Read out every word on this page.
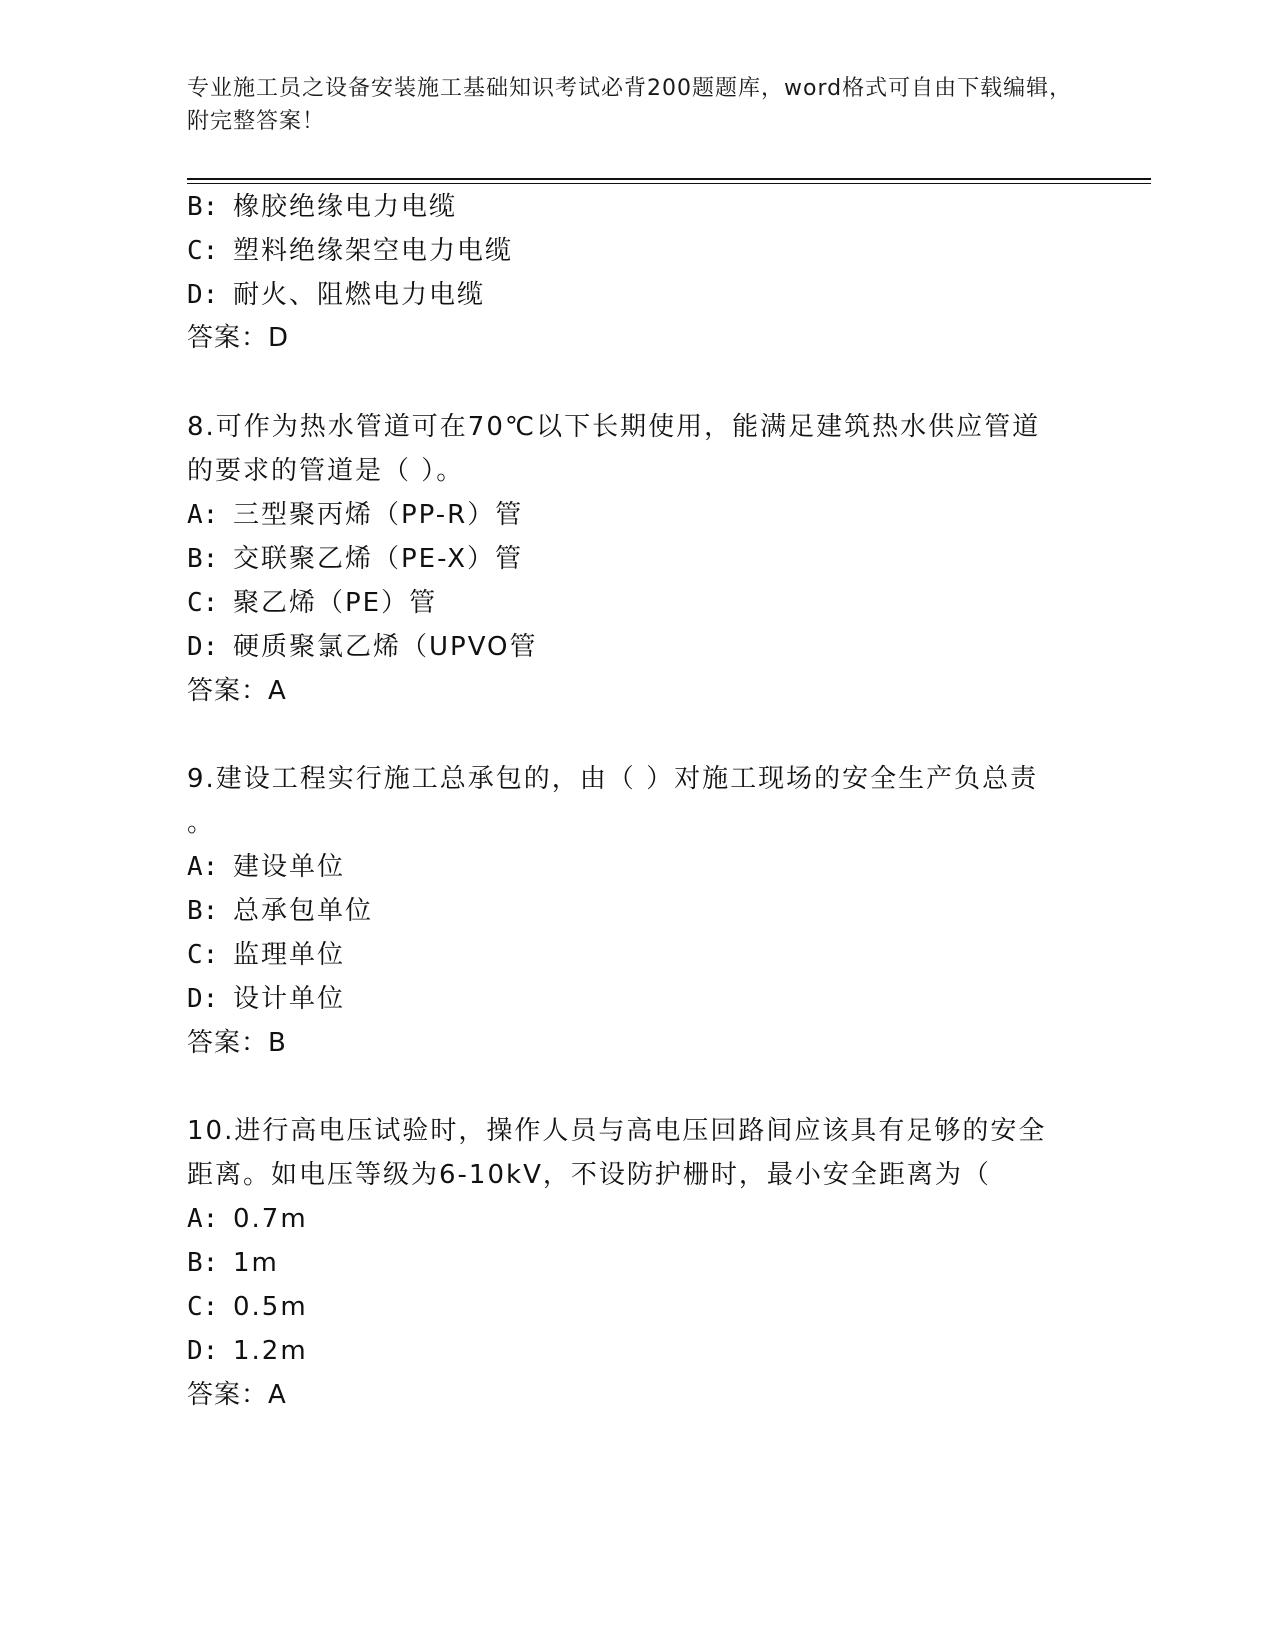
专业施工员之设备安装施工基础知识考试必背200题题库，word格式可自由下载编辑，附完整答案！
B: 橡胶绝缘电力电缆
C: 塑料绝缘架空电力电缆
D: 耐火、阻燃电力电缆
答案：D
8.可作为热水管道可在70℃以下长期使用，能满足建筑热水供应管道
的要求的管道是（ ）。
A: 三型聚丙烯（PP-R）管
B: 交联聚乙烯（PE-X）管
C: 聚乙烯（PE）管
D: 硬质聚氯乙烯（UPVO管
答案：A
9.建设工程实行施工总承包的，由（ ）对施工现场的安全生产负总责
。
A: 建设单位
B: 总承包单位
C: 监理单位
D: 设计单位
答案：B
10.进行高电压试验时，操作人员与高电压回路间应该具有足够的安全
距离。如电压等级为6-10kV，不设防护栅时，最小安全距离为（
A: 0.7m
B: 1m
C: 0.5m
D: 1.2m
答案：A
